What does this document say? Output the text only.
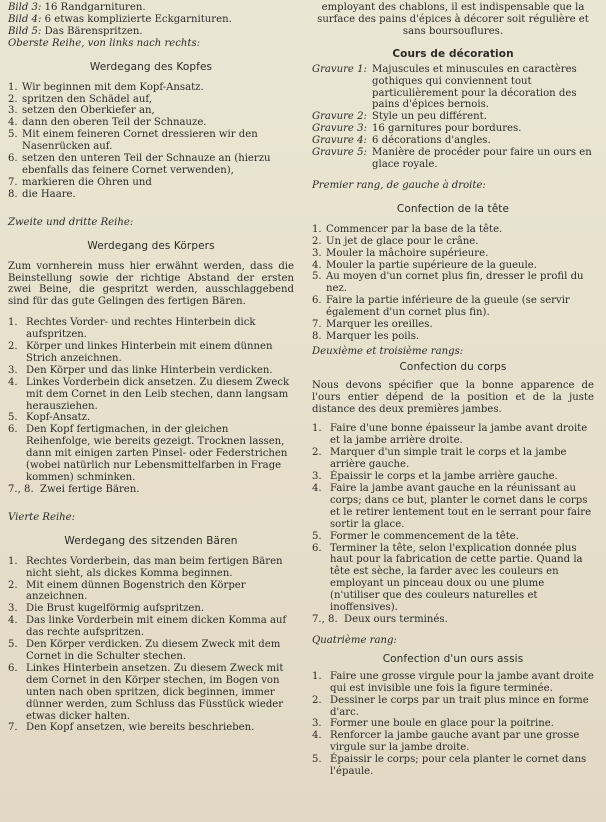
Bild 3: 16 Randgarnituren.

Bild 4: 6 etwas komplizierte Eckgarnituren.

Bild 5: Das Bärenspritzen.

Oberste Reihe, von links nach rechts:

Werdegang des Kopfes
1. Wir beginnen mit dem Kopf-Ansatz.
2. spritzen den Schädel auf,
3. setzen den Oberkiefer an,
4. dann den oberen Teil der Schnauze.
5. Mit einem feineren Cornet dressieren wir den Nasenrücken auf.
6. setzen den unteren Teil der Schnauze an (hierzu ebenfalls das feinere Cornet verwenden),
7. markieren die Ohren und
8. die Haare.

Zweite und dritte Reihe:

Werdegang des Körpers

Zum vornherein muss hier erwähnt werden, dass die Beinstellung sowie der richtige Abstand der ersten zwei Beine, die gespritzt werden, ausschlaggebend sind für das gute Gelingen des fertigen Bären.

1. Rechtes Vorder- und rechtes Hinterbein dick aufspritzen.
2. Körper und linkes Hinterbein mit einem dünnen Strich anzeichnen.
3. Den Körper und das linke Hinterbein verdicken.
4. Linkes Vorderbein dick ansetzen. Zu diesem Zweck mit dem Cornet in den Leib stechen, dann langsam herausziehen.
5. Kopf-Ansatz.
6. Den Kopf fertigmachen, in der gleichen Reihenfolge, wie bereits gezeigt. Trocknen lassen, dann mit einigen zarten Pinsel- oder Federstrichen (wobei natürlich nur Lebensmittelfarben in Frage kommen) schminken.
7., 8. Zwei fertige Bären.

Vierte Reihe:

Werdegang des sitzenden Bären
1. Rechtes Vorderbein, das man beim fertigen Bären nicht sieht, als dickes Komma beginnen.
2. Mit einem dünnen Bogenstrich den Körper anzeichnen.
3. Die Brust kugelförmig aufspritzen.
4. Das linke Vorderbein mit einem dicken Komma auf das rechte aufspritzen.
5. Den Körper verdicken. Zu diesem Zweck mit dem Cornet in die Schulter stechen.
6. Linkes Hinterbein ansetzen. Zu diesem Zweck mit dem Cornet in den Körper stechen, im Bogen von unten nach oben spritzen, dick beginnen, immer dünner werden, zum Schluss das Füsstück wieder etwas dicker halten.
7. Den Kopf ansetzen, wie bereits beschrieben.

employant des chablons, il est indispensable que la surface des pains d'épices à décorer soit régulière et sans boursouflures.

Cours de décoration
Gravure 1: Majuscules et minuscules en caractères gothiques qui conviennent tout particulièrement pour la décoration des pains d'épices bernois.
Gravure 2: Style un peu différent.
Gravure 3: 16 garnitures pour bordures.
Gravure 4: 6 décorations d'angles.
Gravure 5: Manière de procéder pour faire un ours en glace royale.

Premier rang, de gauche à droite:

Confection de la tête
1. Commencer par la base de la tête.
2. Un jet de glace pour le crâne.
3. Mouler la mâchoire supérieure.
4. Mouler la partie supérieure de la gueule.
5. Au moyen d'un cornet plus fin, dresser le profil du nez.
6. Faire la partie inférieure de la gueule (se servir également d'un cornet plus fin).
7. Marquer les oreilles.
8. Marquer les poils.

Deuxième et troisième rangs:

Confection du corps

Nous devons spécifier que la bonne apparence de l'ours entier dépend de la position et de la juste distance des deux premières jambes.

1. Faire d'une bonne épaisseur la jambe avant droite et la jambe arrière droite.
2. Marquer d'un simple trait le corps et la jambe arrière gauche.
3. Épaissir le corps et la jambe arrière gauche.
4. Faire la jambe avant gauche en la réunissant au corps; dans ce but, planter le cornet dans le corps et le retirer lentement tout en le serrant pour faire sortir la glace.
5. Former le commencement de la tête.
6. Terminer la tête, selon l'explication donnée plus haut pour la fabrication de cette partie. Quand la tête est sèche, la farder avec les couleurs en employant un pinceau doux ou une plume (n'utiliser que des couleurs naturelles et inoffensives).
7., 8. Deux ours terminés.

Quatrième rang:

Confection d'un ours assis
1. Faire une grosse virgule pour la jambe avant droite qui est invisible une fois la figure terminée.
2. Dessiner le corps par un trait plus mince en forme d'arc.
3. Former une boule en glace pour la poitrine.
4. Renforcer la jambe gauche avant par une grosse virgule sur la jambe droite.
5. Épaissir le corps; pour cela planter le cornet dans l'épaule.
